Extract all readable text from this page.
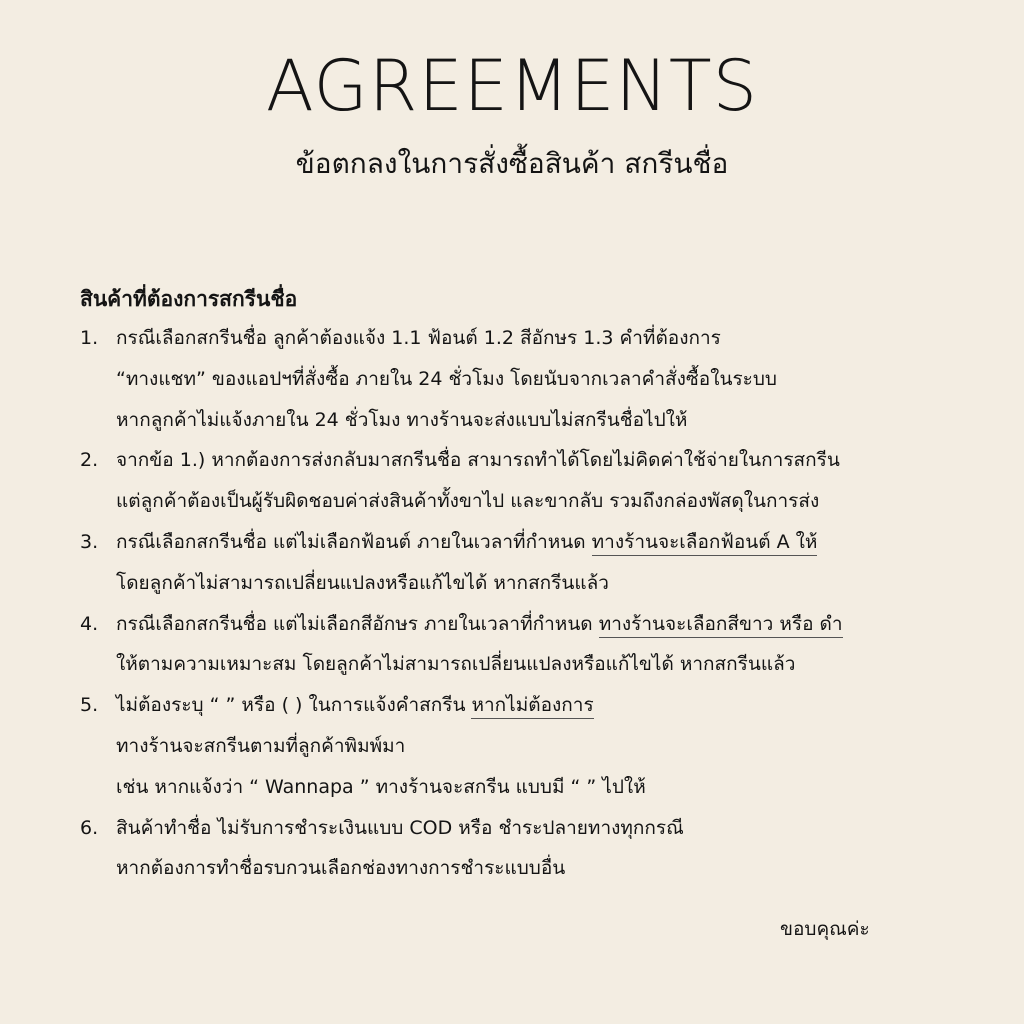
AGREEMENTS
ข้อตกลงในการสั่งซื้อสินค้า สกรีนชื่อ
สินค้าที่ต้องการสกรีนชื่อ
1. กรณีเลือกสกรีนชื่อ ลูกค้าต้องแจ้ง 1.1 ฟ้อนต์ 1.2 สีอักษร 1.3 คำที่ต้องการ
“ทางแชท” ของแอปฯที่สั่งซื้อ ภายใน 24 ชั่วโมง โดยนับจากเวลาคำสั่งซื้อในระบบ
หากลูกค้าไม่แจ้งภายใน 24 ชั่วโมง ทางร้านจะส่งแบบไม่สกรีนชื่อไปให้
2. จากข้อ 1.) หากต้องการส่งกลับมาสกรีนชื่อ สามารถทำได้โดยไม่คิดค่าใช้จ่ายในการสกรีน
แต่ลูกค้าต้องเป็นผู้รับผิดชอบค่าส่งสินค้าทั้งขาไป และขากลับ รวมถึงกล่องพัสดุในการส่ง
3. กรณีเลือกสกรีนชื่อ แต่ไม่เลือกฟ้อนต์ ภายในเวลาที่กำหนด ทางร้านจะเลือกฟ้อนต์ A ให้
โดยลูกค้าไม่สามารถเปลี่ยนแปลงหรือแก้ไขได้ หากสกรีนแล้ว
4. กรณีเลือกสกรีนชื่อ แต่ไม่เลือกสีอักษร ภายในเวลาที่กำหนด ทางร้านจะเลือกสีขาว หรือ ดำ
ให้ตามความเหมาะสม โดยลูกค้าไม่สามารถเปลี่ยนแปลงหรือแก้ไขได้ หากสกรีนแล้ว
5. ไม่ต้องระบุ “ ” หรือ ( ) ในการแจ้งคำสกรีน หากไม่ต้องการ
ทางร้านจะสกรีนตามที่ลูกค้าพิมพ์มา
เช่น หากแจ้งว่า “ Wannapa ” ทางร้านจะสกรีน แบบมี “ ” ไปให้
6. สินค้าทำชื่อ ไม่รับการชำระเงินแบบ COD หรือ ชำระปลายทางทุกกรณี
หากต้องการทำชื่อรบกวนเลือกช่องทางการชำระแบบอื่น
ขอบคุณค่ะ
